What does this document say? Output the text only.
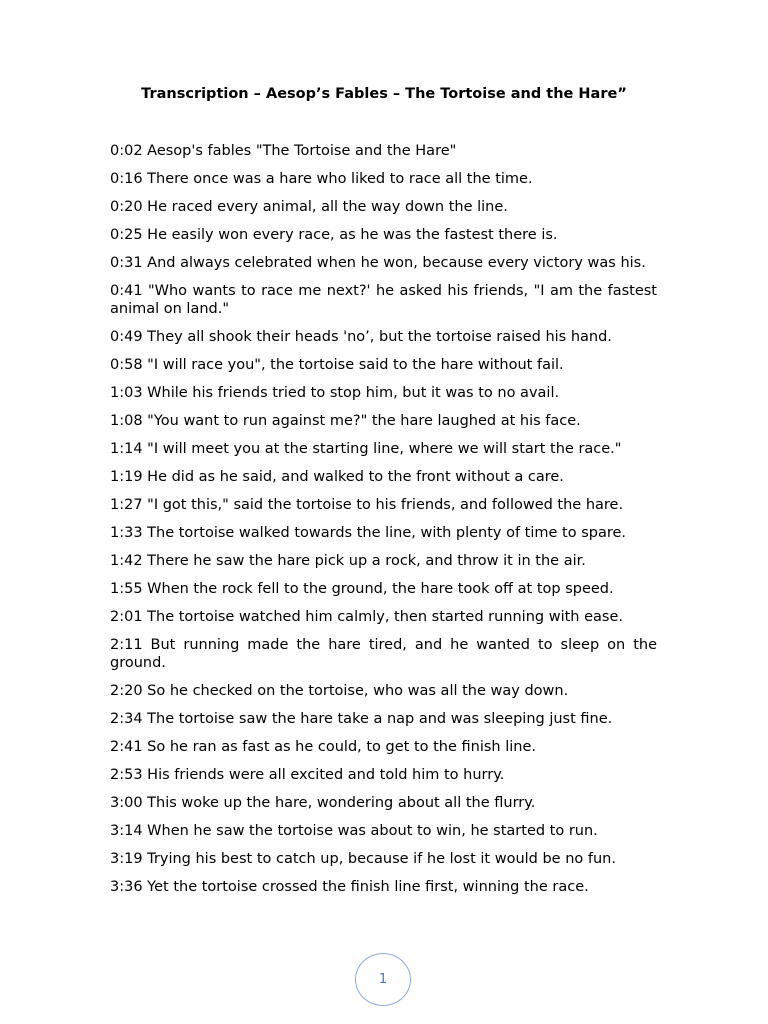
Transcription – Aesop’s Fables – The Tortoise and the Hare”
0:02 Aesop's fables "The Tortoise and the Hare"
0:16 There once was a hare who liked to race all the time.
0:20 He raced every animal, all the way down the line.
0:25 He easily won every race, as he was the fastest there is.
0:31 And always celebrated when he won, because every victory was his.
0:41 "Who wants to race me next?' he asked his friends, "I am the fastest animal on land."
0:49 They all shook their heads 'no’, but the tortoise raised his hand.
0:58 "I will race you", the tortoise said to the hare without fail.
1:03 While his friends tried to stop him, but it was to no avail.
1:08 "You want to run against me?" the hare laughed at his face.
1:14 "I will meet you at the starting line, where we will start the race."
1:19 He did as he said, and walked to the front without a care.
1:27 "I got this," said the tortoise to his friends, and followed the hare.
1:33 The tortoise walked towards the line, with plenty of time to spare.
1:42 There he saw the hare pick up a rock, and throw it in the air.
1:55 When the rock fell to the ground, the hare took off at top speed.
2:01 The tortoise watched him calmly, then started running with ease.
2:11 But running made the hare tired, and he wanted to sleep on the ground.
2:20 So he checked on the tortoise, who was all the way down.
2:34 The tortoise saw the hare take a nap and was sleeping just fine.
2:41 So he ran as fast as he could, to get to the finish line.
2:53 His friends were all excited and told him to hurry.
3:00 This woke up the hare, wondering about all the flurry.
3:14 When he saw the tortoise was about to win, he started to run.
3:19 Trying his best to catch up, because if he lost it would be no fun.
3:36 Yet the tortoise crossed the finish line first, winning the race.
1
